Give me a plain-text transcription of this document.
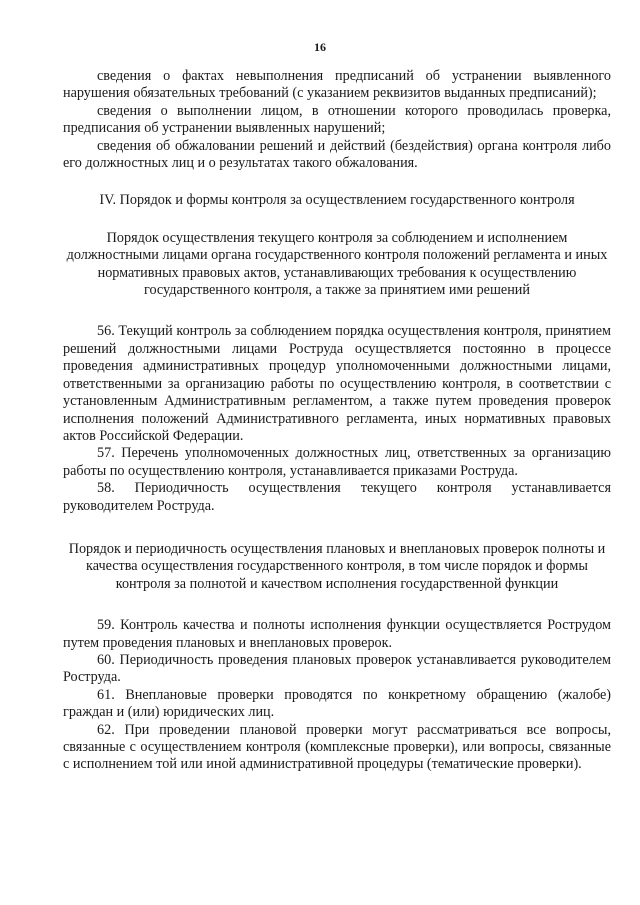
16

сведения о фактах невыполнения предписаний об устранении выявленного нарушения обязательных требований (с указанием реквизитов выданных предписаний);

сведения о выполнении лицом, в отношении которого проводилась проверка, предписания об устранении выявленных нарушений;

сведения об обжаловании решений и действий (бездействия) органа контроля либо его должностных лиц и о результатах такого обжалования.

IV. Порядок и формы контроля за осуществлением государственного контроля
Порядок осуществления текущего контроля за соблюдением и исполнением должностными лицами органа государственного контроля положений регламента и иных нормативных правовых актов, устанавливающих требования к осуществлению государственного контроля, а также за принятием ими решений

56. Текущий контроль за соблюдением порядка осуществления контроля, принятием решений должностными лицами Роструда осуществляется постоянно в процессе проведения административных процедур уполномоченными должностными лицами, ответственными за организацию работы по осуществлению контроля, в соответствии с установленным Административным регламентом, а также путем проведения проверок исполнения положений Административного регламента, иных нормативных правовых актов Российской Федерации.

57. Перечень уполномоченных должностных лиц, ответственных за организацию работы по осуществлению контроля, устанавливается приказами Роструда.

58. Периодичность осуществления текущего контроля устанавливается руководителем Роструда.

Порядок и периодичность осуществления плановых и внеплановых проверок полноты и качества осуществления государственного контроля, в том числе порядок и формы контроля за полнотой и качеством исполнения государственной функции

59. Контроль качества и полноты исполнения функции осуществляется Рострудом путем проведения плановых и внеплановых проверок.

60. Периодичность проведения плановых проверок устанавливается руководителем Роструда.

61. Внеплановые проверки проводятся по конкретному обращению (жалобе) граждан и (или) юридических лиц.

62. При проведении плановой проверки могут рассматриваться все вопросы, связанные с осуществлением контроля (комплексные проверки), или вопросы, связанные с исполнением той или иной административной процедуры (тематические проверки).
